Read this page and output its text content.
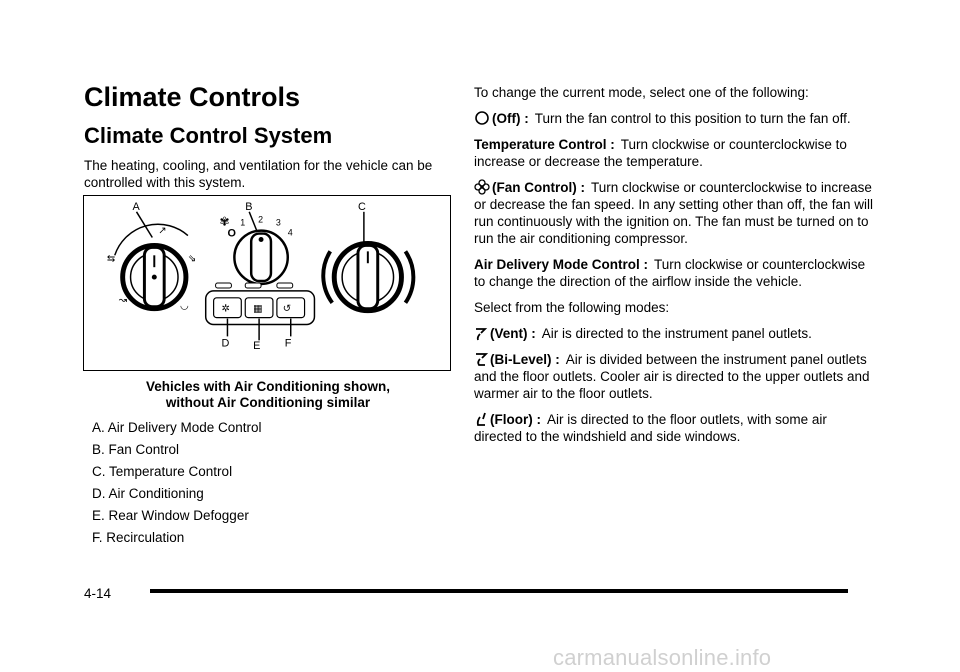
Climate Controls
Climate Control System

The heating, cooling, and ventilation for the vehicle can be controlled with this system.

A
↗
⇆	⇘
↝
◡
B
✾
O
1 2 3
4
C
✲ ▦ ↺
D E F
Vehicles with Air Conditioning shown,
without Air Conditioning similar
A. Air Delivery Mode Control
B. Fan Control
C. Temperature Control
D. Air Conditioning
E. Rear Window Defogger
F. Recirculation

To change the current mode, select one of the following:

(Off) : Turn the fan control to this position to turn the fan off.

Temperature Control : Turn clockwise or counterclockwise to increase or decrease the temperature.

(Fan Control) : Turn clockwise or counterclockwise to increase or decrease the fan speed. In any setting other than off, the fan will run continuously with the ignition on. The fan must be turned on to run the air conditioning compressor.

Air Delivery Mode Control : Turn clockwise or counterclockwise to change the direction of the airflow inside the vehicle.

Select from the following modes:

(Vent) : Air is directed to the instrument panel outlets.

(Bi-Level) : Air is divided between the instrument panel outlets and the floor outlets. Cooler air is directed to the upper outlets and warmer air to the floor outlets.

(Floor) : Air is directed to the floor outlets, with some air directed to the windshield and side windows.

4-14
carmanualsonline.info
